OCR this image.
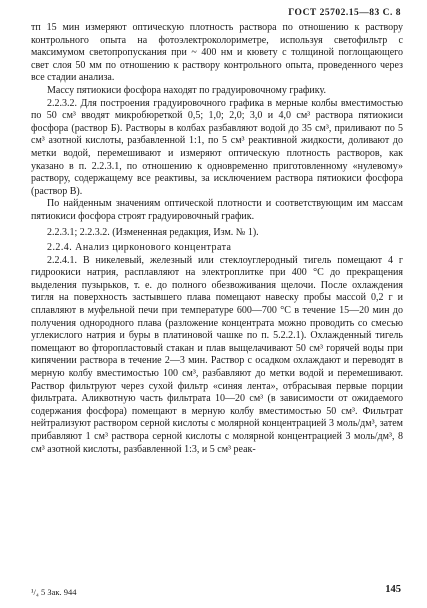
ГОСТ 25702.15—83 С. 8

тп 15 мин измеряют оптическую плотность раствора по отношению к раствору контрольного опыта на фотоэлектроколориметре, используя светофильтр с максимумом светопропускания при ~ 400 нм и кювету с толщиной поглощающего свет слоя 50 мм по отношению к раствору контрольного опыта, проведенного через все стадии анализа.

Массу пятиокиси фосфора находят по градуировочному графику.

2.2.3.2. Для построения градуировочного графика в мерные колбы вместимостью по 50 см³ вводят микробюреткой 0,5; 1,0; 2,0; 3,0 и 4,0 см³ раствора пятиокиси фосфора (раствор Б). Растворы в колбах разбавляют водой до 35 см³, приливают по 5 см³ азотной кислоты, разбавленной 1:1, по 5 см³ реактивной жидкости, доливают до метки водой, перемешивают и измеряют оптическую плотность растворов, как указано в п. 2.2.3.1, по отношению к одновременно приготовленному «нулевому» раствору, содержащему все реактивы, за исключением раствора пятиокиси фосфора (раствор В).

По найденным значениям оптической плотности и соответствующим им массам пятиокиси фосфора строят градуировочный график.

2.2.3.1; 2.2.3.2. (Измененная редакция, Изм. № 1).

2.2.4. Анализ цирконового концентрата

2.2.4.1. В никелевый, железный или стеклоуглеродный тигель помещают 4 г гидроокиси натрия, расплавляют на электроплитке при 400 °С до прекращения выделения пузырьков, т. е. до полного обезвоживания щелочи. После охлаждения тигля на поверхность застывшего плава помещают навеску пробы массой 0,2 г и сплавляют в муфельной печи при температуре 600—700 °С в течение 15—20 мин до получения однородного плава (разложение концентрата можно проводить со смесью углекислого натрия и буры в платиновой чашке по п. 5.2.2.1). Охлажденный тигель помещают во фторопластовый стакан и плав выщелачивают 50 см³ горячей воды при кипячении раствора в течение 2—3 мин. Раствор с осадком охлаждают и переводят в мерную колбу вместимостью 100 см³, разбавляют до метки водой и перемешивают. Раствор фильтруют через сухой фильтр «синяя лента», отбрасывая первые порции фильтрата. Аликвотную часть фильтрата 10—20 см³ (в зависимости от ожидаемого содержания фосфора) помещают в мерную колбу вместимостью 50 см³. Фильтрат нейтрализуют раствором серной кислоты с молярной концентрацией 3 моль/дм³, затем прибавляют 1 см³ раствора серной кислоты с молярной концентрацией 3 моль/дм³, 8 см³ азотной кислоты, разбавленной 1:3, и 5 см³ реак-

¹/₄ 5 Зак. 944	145
